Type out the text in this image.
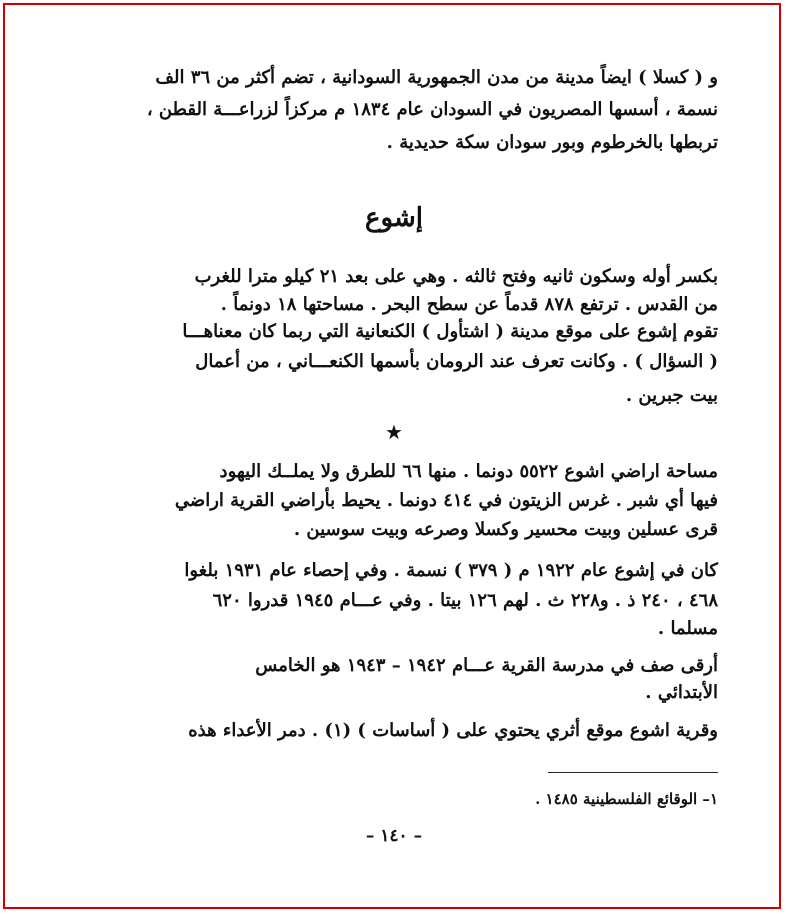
و ( كسلا ) ايضاً مدينة من مدن الجمهورية السودانية ، تضم أكثر من ٣٦ الف
نسمة ، أسسها المصريون في السودان عام ١٨٣٤ م مركزاً لزراعـــة القطن ،
تربطها بالخرطوم وبور سودان سكة حديدية .
إشوع
بكسر أوله وسكون ثانيه وفتح ثالثه . وهي على بعد ٢١ كيلو مترا للغرب
من القدس . ترتفع ٨٧٨ قدماً عن سطح البحر . مساحتها ١٨ دونماً .
تقوم إشوع على موقع مدينة ( اشتأول ) الكنعانية التي ربما كان معناهـــا
( السؤال ) . وكانت تعرف عند الرومان بأسمها الكنعـــاني ، من أعمال
بيت جبرين .
★
مساحة اراضي اشوع ٥٥٢٢ دونما . منها ٦٦ للطرق ولا يملــك اليهود
فيها أي شبر . غرس الزيتون في ٤١٤ دونما . يحيط بأراضي القرية اراضي
قرى عسلين وبيت محسير وكسلا وصرعه وبيت سوسين .
كان في إشوع عام ١٩٢٢ م ( ٣٧٩ ) نسمة . وفي إحصاء عام ١٩٣١ بلغوا
٤٦٨ ، ٢٤٠ ذ . و٢٢٨ ث . لهم ١٢٦ بيتا . وفي عـــام ١٩٤٥ قدروا ٦٢٠
مسلما .
أرقى صف في مدرسة القرية عـــام ١٩٤٢ – ١٩٤٣ هو الخامس
الأبتدائي .
وقرية اشوع موقع أثري يحتوي على ( أساسات ) (١) . دمر الأعداء هذه
١– الوقائع الفلسطينية ١٤٨٥ .
– ١٤٠ –
